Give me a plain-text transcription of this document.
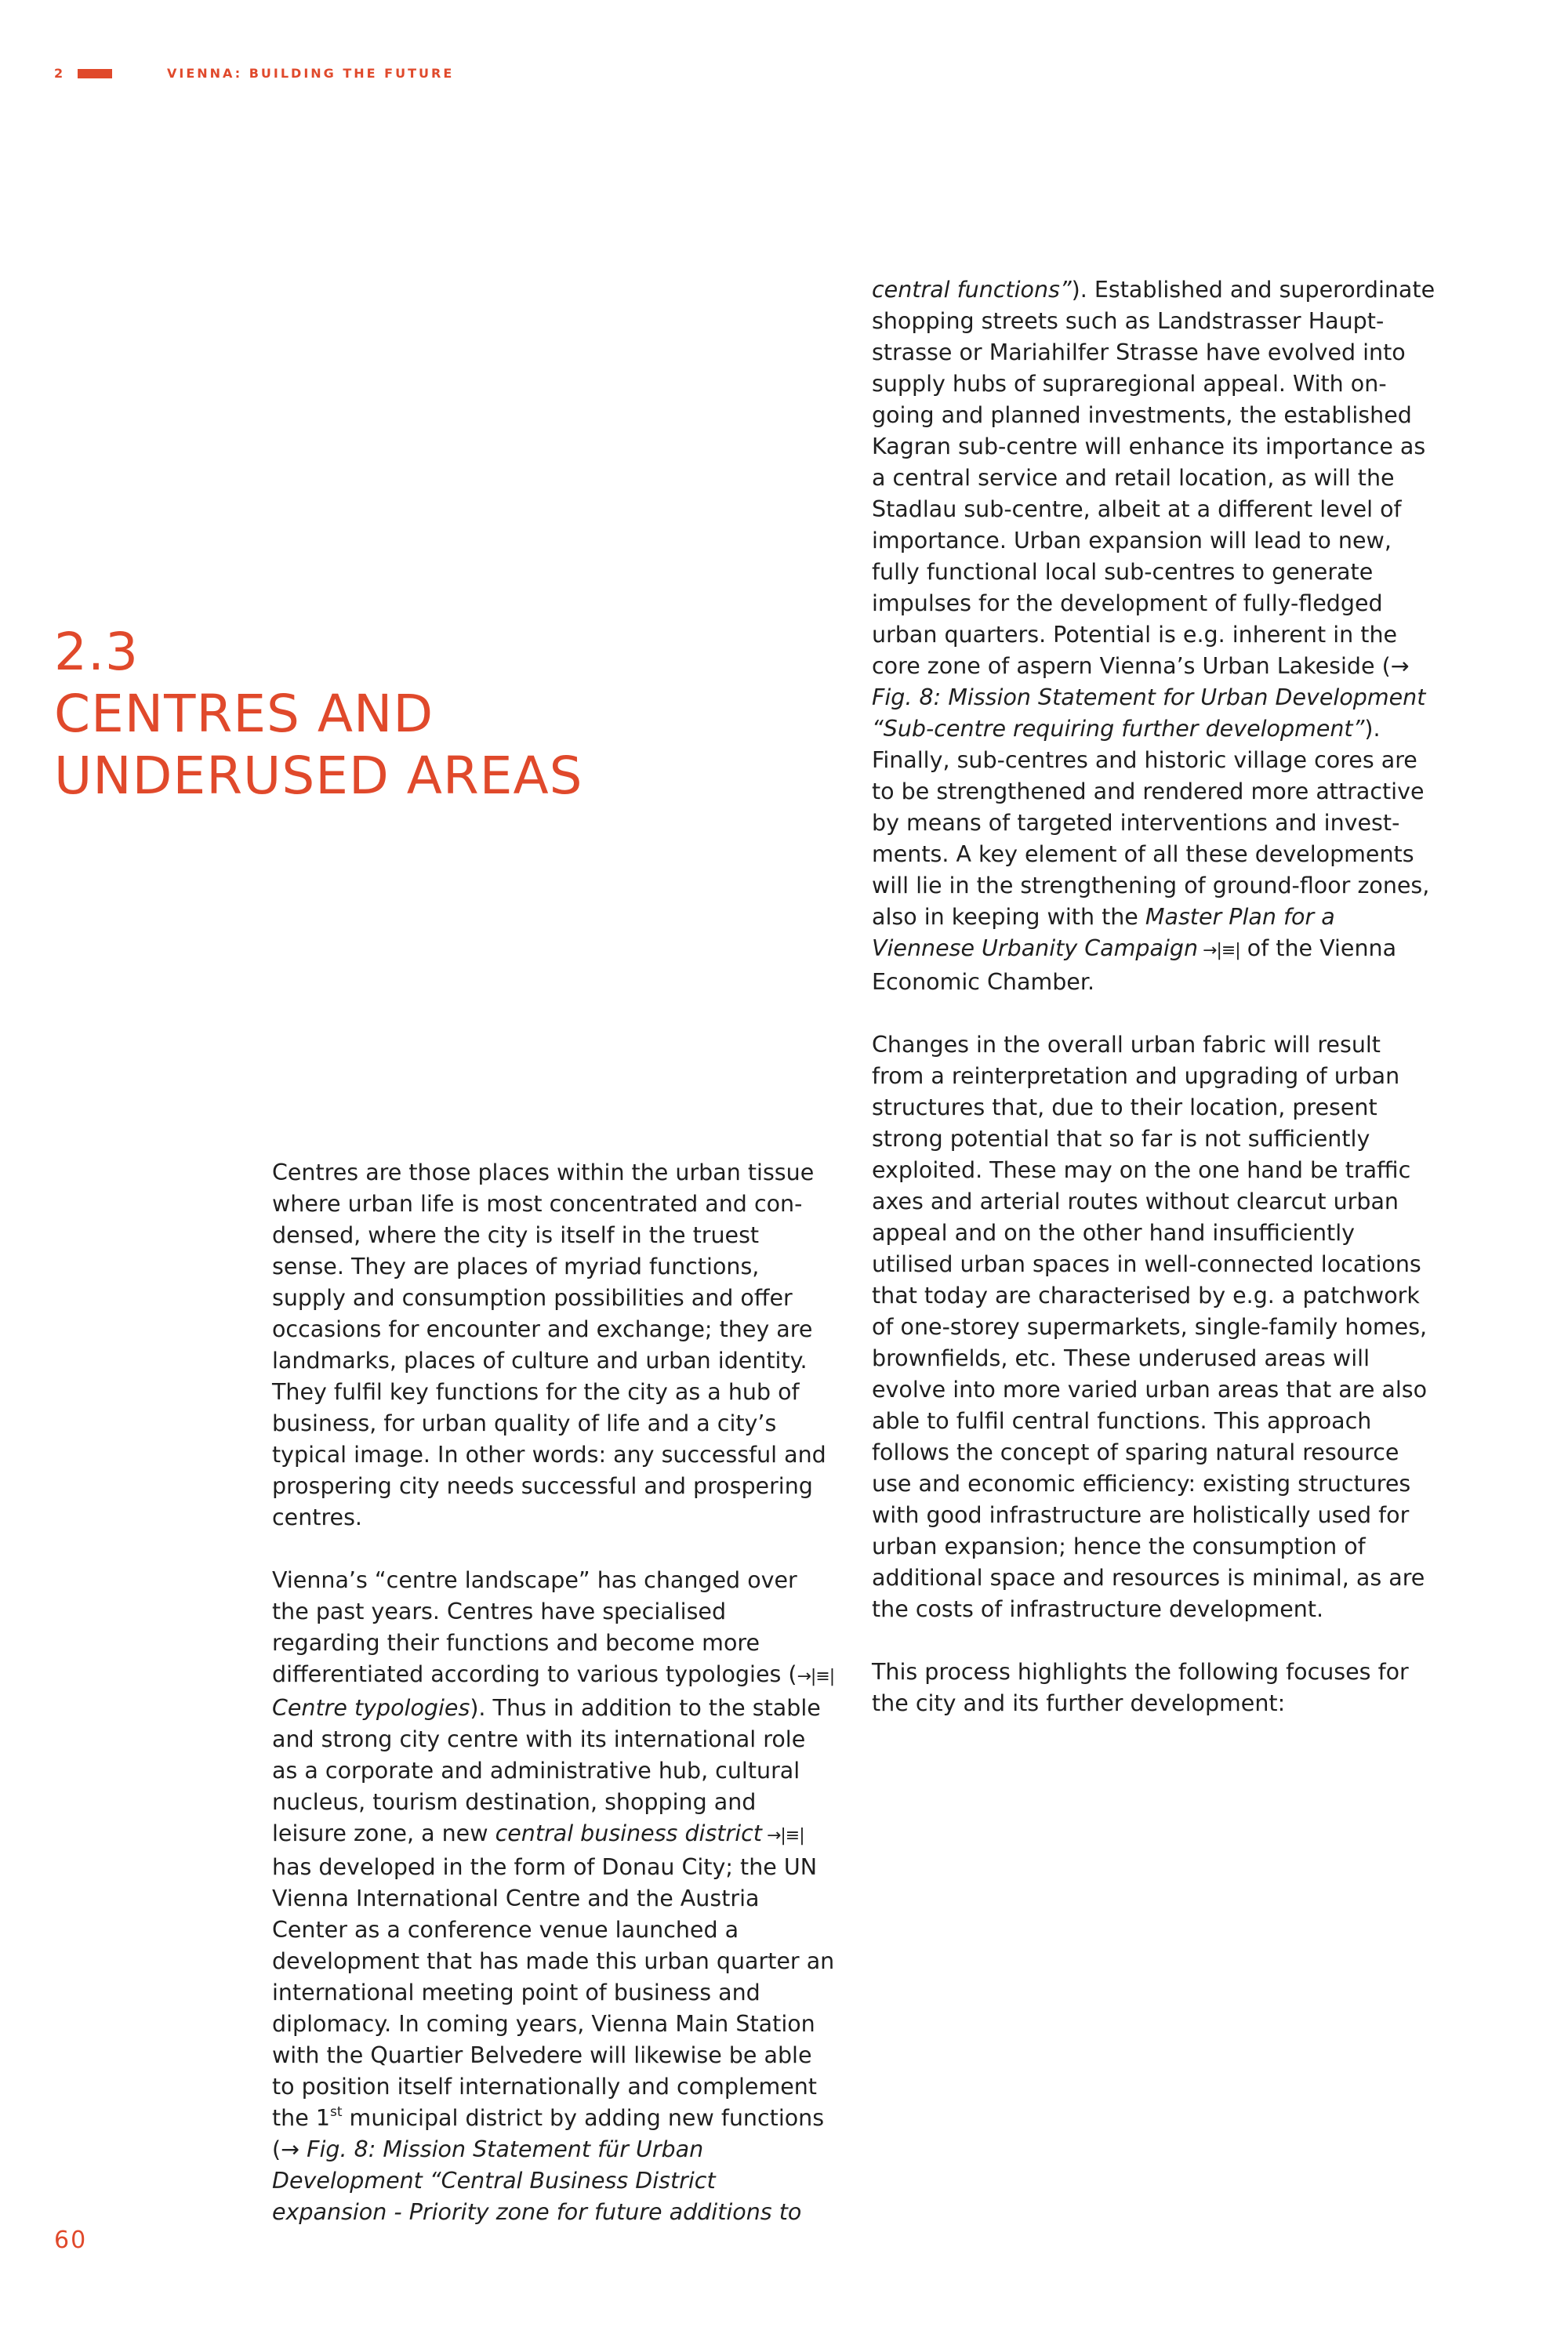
2	VIENNA: BUILDING THE FUTURE
2.3
CENTRES AND
UNDERUSED AREAS

Centres are those places within the urban tissue where urban life is most concentrated and condensed, where the city is itself in the truest sense. They are places of myriad functions, supply and consumption possibilities and offer occasions for encounter and exchange; they are landmarks, places of culture and urban identity. They fulfil key functions for the city as a hub of business, for urban quality of life and a city’s typical image. In other words: any successful and prospering city needs successful and prospering centres.

Vienna’s “centre landscape” has changed over the past years. Centres have specialised regarding their functions and become more differentiated according to various typologies (→|≡| Centre typologies). Thus in addition to the stable and strong city centre with its international role as a corporate and administrative hub, cultural nucleus, tourism destination, shopping and leisure zone, a new central business district →|≡| has developed in the form of Donau City; the UN Vienna International Centre and the Austria Center as a conference venue launched a development that has made this urban quarter an international meeting point of business and diplomacy. In coming years, Vienna Main Station with the Quartier Belvedere will likewise be able to position itself internationally and complement the 1st municipal district by adding new functions (→ Fig. 8: Mission Statement für Urban Development “Central Business District expansion - Priority zone for future additions to

central functions”). Established and superordinate shopping streets such as Landstrasser Hauptstrasse or Mariahilfer Strasse have evolved into supply hubs of supraregional appeal. With ongoing and planned investments, the established Kagran sub-centre will enhance its importance as a central service and retail location, as will the Stadlau sub-centre, albeit at a different level of importance. Urban expansion will lead to new, fully functional local sub-centres to generate impulses for the development of fully-fledged urban quarters. Potential is e.g. inherent in the core zone of aspern Vienna’s Urban Lakeside (→ Fig. 8: Mission Statement for Urban Development “Sub-centre requiring further development”). Finally, sub-centres and historic village cores are to be strengthened and rendered more attractive by means of targeted interventions and investments. A key element of all these developments will lie in the strengthening of ground-floor zones, also in keeping with the Master Plan for a Viennese Urbanity Campaign →|≡| of the Vienna Economic Chamber.

Changes in the overall urban fabric will result from a reinterpretation and upgrading of urban structures that, due to their location, present strong potential that so far is not sufficiently exploited. These may on the one hand be traffic axes and arterial routes without clearcut urban appeal and on the other hand insufficiently utilised urban spaces in well-connected locations that today are characterised by e.g. a patchwork of one-storey supermarkets, single-family homes, brownfields, etc. These underused areas will evolve into more varied urban areas that are also able to fulfil central functions. This approach follows the concept of sparing natural resource use and economic efficiency: existing structures with good infrastructure are holistically used for urban expansion; hence the consumption of additional space and resources is minimal, as are the costs of infrastructure development.

This process highlights the following focuses for the city and its further development:

60
